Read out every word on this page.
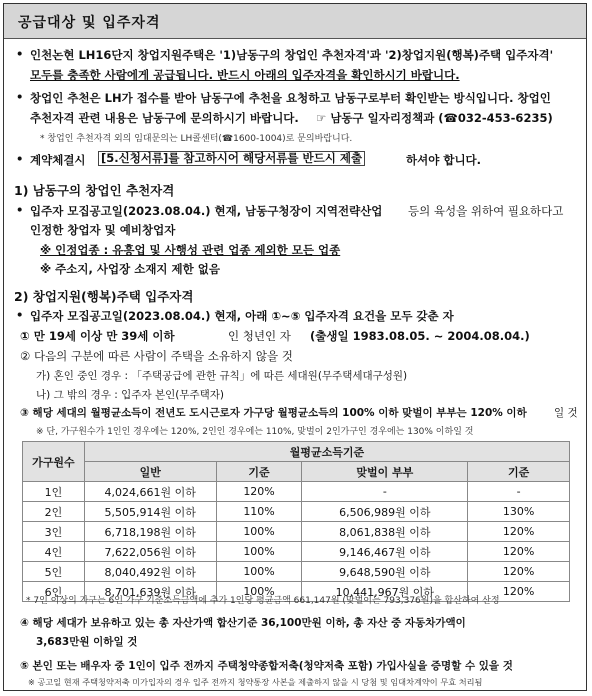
공급대상 및 입주자격
• 인천논현 LH16단지 창업지원주택은 '1)남동구의 창업인 추천자격'과 '2)창업지원(행복)주택 입주자격'
모두를 충족한 사람에게 공급됩니다. 반드시 아래의 입주자격을 확인하시기 바랍니다.
• 창업인 추천은 LH가 접수를 받아 남동구에 추천을 요청하고 남동구로부터 확인받는 방식입니다. 창업인
추천자격 관련 내용은 남동구에 문의하시기 바랍니다. ☞ 남동구 일자리정책과 (☎032-453-6235)
* 창업인 추천자격 외의 임대문의는 LH콜센터(☎1600-1004)로 문의바랍니다.
• 계약체결시 [5.신청서류]를 참고하시어 해당서류를 반드시 제출	하셔야 합니다.
1) 남동구의 창업인 추천자격
• 입주자 모집공고일(2023.08.04.) 현재, 남동구청장이 지역전략산업 등의 육성을 위하여 필요하다고
인정한 창업자 및 예비창업자
※ 인정업종 : 유흥업 및 사행성 관련 업종 제외한 모든 업종
※ 주소지, 사업장 소재지 제한 없음
2) 창업지원(행복)주택 입주자격
• 입주자 모집공고일(2023.08.04.) 현재, 아래 ①~⑤ 입주자격 요건을 모두 갖춘 자
① 만 19세 이상 만 39세 이하	인 청년인 자 (출생일 1983.08.05. ~ 2004.08.04.)
② 다음의 구분에 따른 사람이 주택을 소유하지 않을 것
가) 혼인 중인 경우 : 「주택공급에 관한 규칙」에 따른 세대원(무주택세대구성원)
나) 그 밖의 경우 : 입주자 본인(무주택자)
③ 해당 세대의 월평균소득이 전년도 도시근로자 가구당 월평균소득의 100% 이하 맞벌이 부부는 120% 이하	일 것
※ 단, 가구원수가 1인인 경우에는 120%, 2인인 경우에는 110%, 맞벌이 2인가구인 경우에는 130% 이하일 것
가구원수	월평균소득기준			
	일반	기준	맞벌이 부부	기준
1인	4,024,661원 이하	120%	-	-
2인	5,505,914원 이하	110%	6,506,989원 이하	130%
3인	6,718,198원 이하	100%	8,061,838원 이하	120%
4인	7,622,056원 이하	100%	9,146,467원 이하	120%
5인	8,040,492원 이하	100%	9,648,590원 이하	120%
6인	8,701,639원 이하	100%	10,441,967원 이하	120%
* 7인 이상의 가구는 6인 가구 기준소득금액에 추가 1인당 평균금액 661,147원 (맞벌이는 793,376원)을 합산하여 산정
④ 해당 세대가 보유하고 있는 총 자산가액 합산기준 36,100만원 이하, 총 자산 중 자동차가액이
3,683만원 이하일 것
⑤ 본인 또는 배우자 중 1인이 입주 전까지 주택청약종합저축(청약저축 포함) 가입사실을 증명할 수 있을 것
※ 공고일 현재 주택청약저축 미가입자의 경우 입주 전까지 청약통장 사본을 제출하지 않을 시 당첨 및 임대차계약이 무효 처리됨
